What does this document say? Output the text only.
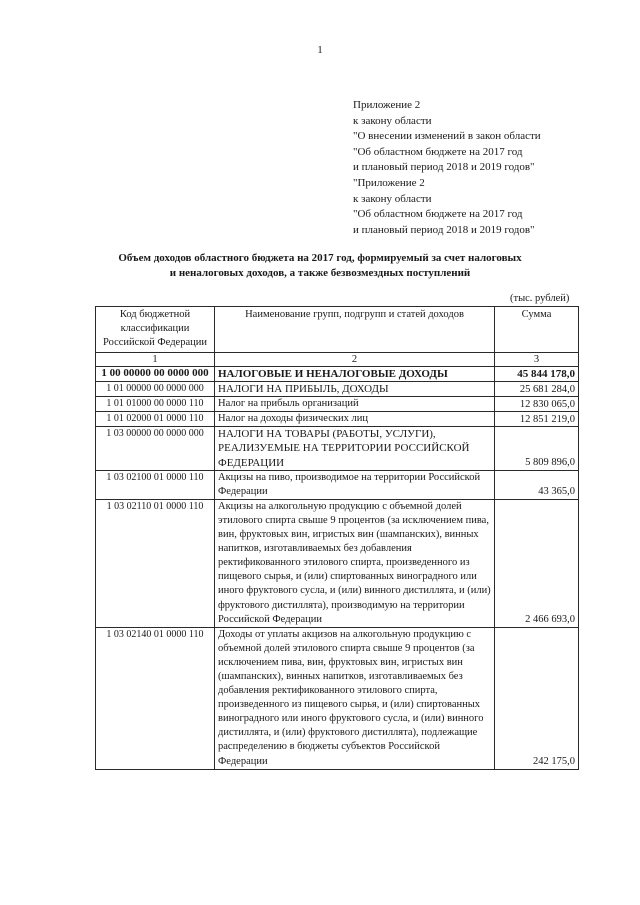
1
Приложение 2
к закону области
"О внесении изменений в закон области
"Об областном бюджете на 2017 год
и плановый период 2018 и 2019 годов"
"Приложение 2
к закону области
"Об областном бюджете на 2017 год
и плановый период 2018 и 2019 годов"
Объем доходов областного бюджета на 2017 год, формируемый за счет налоговых
и неналоговых доходов, а также безвозмездных поступлений
(тыс. рублей)
Код бюджетной классификации Российской Федерации	Наименование групп, подгрупп и статей доходов	Сумма
1	2	3
1 00 00000 00 0000 000	НАЛОГОВЫЕ И НЕНАЛОГОВЫЕ ДОХОДЫ	45 844 178,0
1 01 00000 00 0000 000	НАЛОГИ НА ПРИБЫЛЬ, ДОХОДЫ	25 681 284,0
1 01 01000 00 0000 110	Налог на прибыль организаций	12 830 065,0
1 01 02000 01 0000 110	Налог на доходы физических лиц	12 851 219,0
1 03 00000 00 0000 000	НАЛОГИ НА ТОВАРЫ (РАБОТЫ, УСЛУГИ), РЕАЛИЗУЕМЫЕ НА ТЕРРИТОРИИ РОССИЙСКОЙ ФЕДЕРАЦИИ	5 809 896,0
1 03 02100 01 0000 110	Акцизы на пиво, производимое на территории Российской Федерации	43 365,0
1 03 02110 01 0000 110	Акцизы на алкогольную продукцию с объемной долей этилового спирта свыше 9 процентов (за исключением пива, вин, фруктовых вин, игристых вин (шампанских), винных напитков, изготавливаемых без добавления ректификованного этилового спирта, произведенного из пищевого сырья, и (или) спиртованных виноградного или иного фруктового сусла, и (или) винного дистиллята, и (или) фруктового дистиллята), производимую на территории Российской Федерации	2 466 693,0
1 03 02140 01 0000 110	Доходы от уплаты акцизов на алкогольную продукцию с объемной долей этилового спирта свыше 9 процентов (за исключением пива, вин, фруктовых вин, игристых вин (шампанских), винных напитков, изготавливаемых без добавления ректификованного этилового спирта, произведенного из пищевого сырья, и (или) спиртованных виноградного или иного фруктового сусла, и (или) винного дистиллята, и (или) фруктового дистиллята), подлежащие распределению в бюджеты субъектов Российской Федерации	242 175,0
